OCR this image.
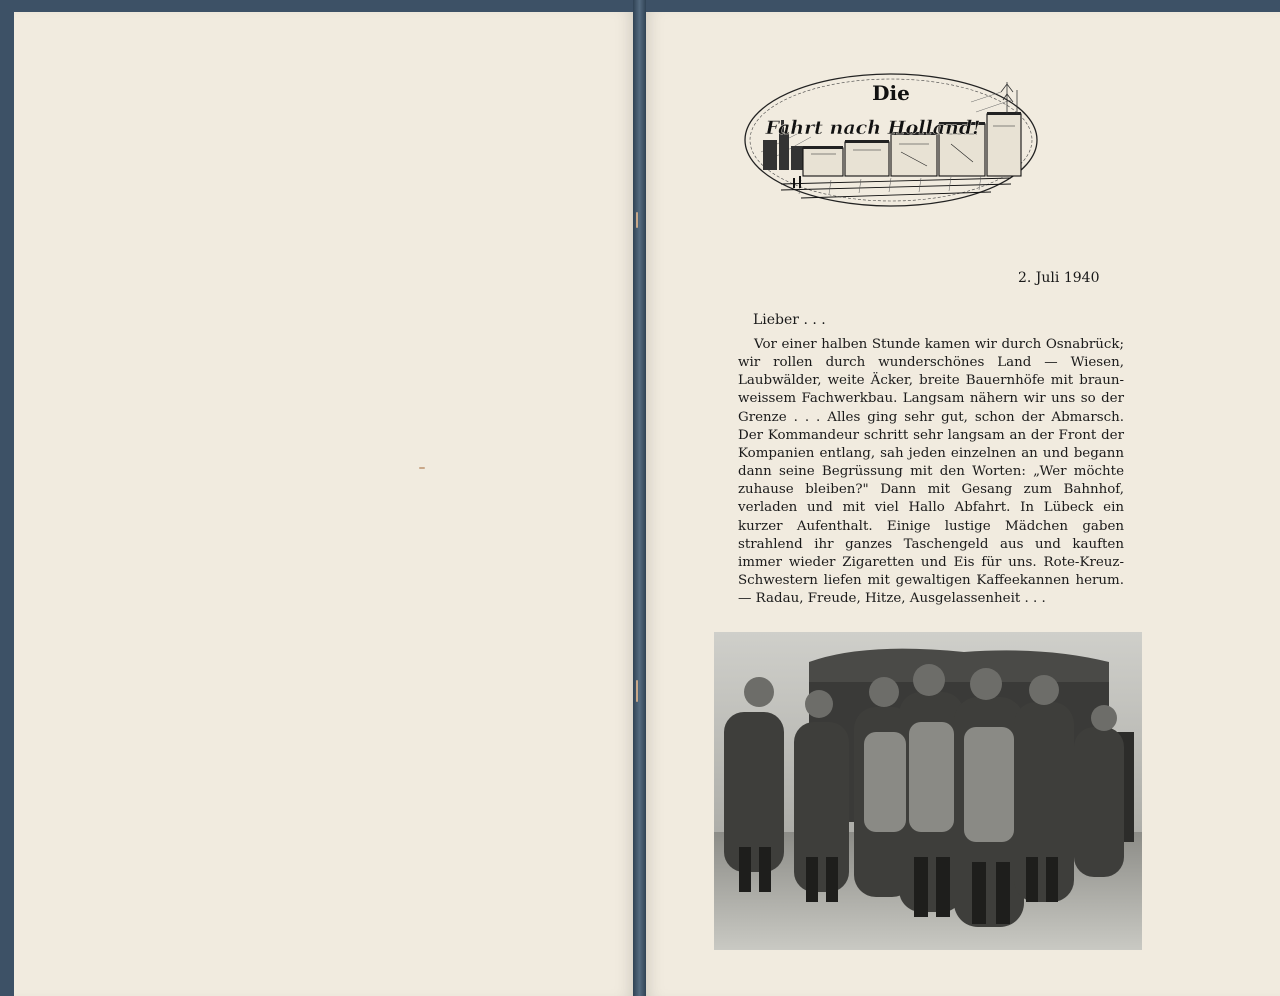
Die
Fahrt nach Holland!
2. Juli 1940
Lieber . . .

Vor einer halben Stunde kamen wir durch Osnabrück; wir rollen durch wunderschönes Land — Wiesen, Laubwälder, weite Äcker, breite Bauernhöfe mit braun-weissem Fachwerkbau. Langsam nähern wir uns so der Grenze . . . Alles ging sehr gut, schon der Abmarsch. Der Kommandeur schritt sehr langsam an der Front der Kompanien entlang, sah jeden einzelnen an und begann dann seine Begrüssung mit den Worten: „Wer möchte zuhause bleiben?" Dann mit Gesang zum Bahnhof, verladen und mit viel Hallo Abfahrt. In Lübeck ein kurzer Aufenthalt. Einige lustige Mädchen gaben strahlend ihr ganzes Taschengeld aus und kauften immer wieder Zigaretten und Eis für uns. Rote-Kreuz-Schwestern liefen mit gewaltigen Kaffeekannen herum. — Radau, Freude, Hitze, Ausgelassenheit . . .
